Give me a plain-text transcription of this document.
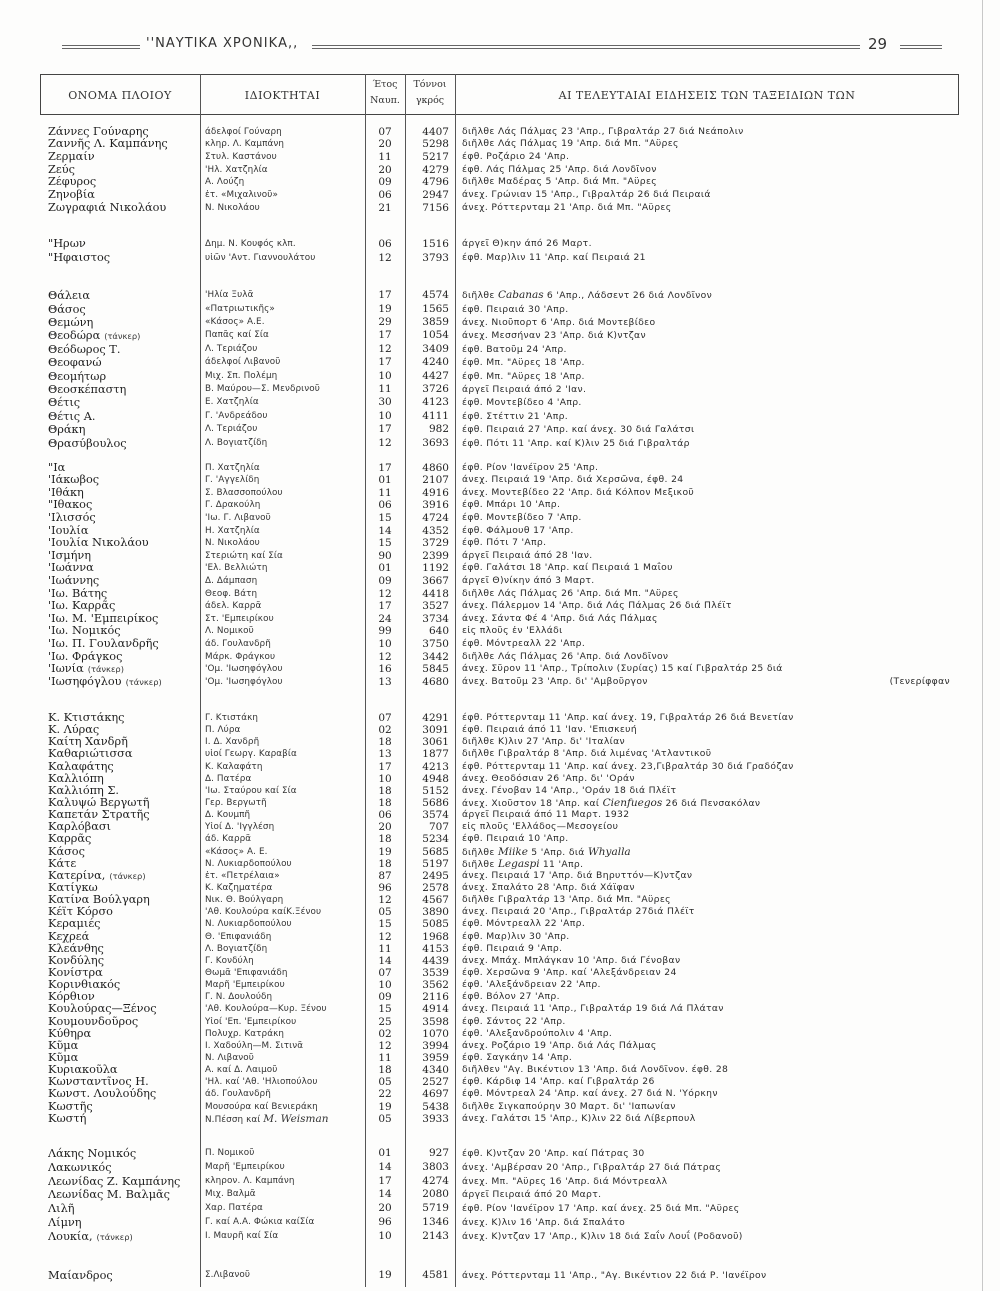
''ΝΑΥΤΙΚΑ ΧΡΟΝΙΚΑ,,	29
ΟΝΟΜΑ ΠΛΟΙΟΥ	ΙΔΙΟΚΤΗΤΑΙ
Έτος
Ναυπ.
Τόννοι
γκρός	ΑΙ ΤΕΛΕΥΤΑΙΑΙ ΕΙΔΗΣΕΙΣ ΤΩΝ ΤΑΞΕΙΔΙΩΝ ΤΩΝ
Ζάννες Γούναρης	άδελφοί Γούναρη	07	4407 διῆλθε Λάς Πάλμας 23 'Απρ., Γιβραλτάρ 27 διά Νεάπολιν
Ζαννῆς Λ. Καμπάνης	κληρ. Λ. Καμπάνη	20	5298 διῆλθε Λάς Πάλμας 19 'Απρ. διά Μπ. "Αϋρες
Ζερμαίν	Στυλ. Καστάνου	11	5217 έφθ. Ροζάριο 24 'Απρ.
Ζεύς	'Ηλ. Χατζηλία	20	4279 έφθ. Λάς Πάλμας 25 'Απρ. διά Λονδῖνον
Ζέφυρος	Α. Λούζη	09	4796 διῆλθε Μαδέρας 5 'Απρ. διά Μπ. "Αϋρες
Ζηνοβία	ἑτ. «Μιχαλινοῦ»	06	2947 άνεχ. Γρώνιαν 15 'Απρ., Γιβραλτάρ 26 διά Πειραιά
Ζωγραφιά Νικολάου	Ν. Νικολάου	21	7156 άνεχ. Ρόττερνταμ 21 'Απρ. διά Μπ. "Αϋρες
"Ηρων	Δημ. Ν. Κουφός κλπ.	06	1516 άργεῖ Θ)κην άπό 26 Μαρτ.
"Ηφαιστος	υἱῶν 'Αντ. Γιαννουλάτου	12	3793 έφθ. Μαρ)λιν 11 'Απρ. καί Πειραιά 21
Θάλεια	'Ηλία Ξυλᾶ	17	4574 διῆλθε Cabanas 6 'Απρ., Λάδσεντ 26 διά Λονδῖνον
Θάσος	«Πατριωτικῆς»	19	1565 έφθ. Πειραιά 30 'Απρ.
Θεμώνη	«Κάσος» Α.Ε.	29	3859 άνεχ. Νιοῦπορτ 6 'Απρ. διά Μοντεβίδεο
Θεοδώρα (τάνκερ)	Παπᾶς καί Σία	17	1054 άνεχ. Μεσσήναν 23 'Απρ. διά Κ)ντζαν
Θεόδωρος Τ.	Λ. Τεριάζου	12	3409 έφθ. Βατοῦμ 24 'Απρ.
Θεοφανώ	άδελφοί Λιβανοῦ	17	4240 έφθ. Μπ. "Αϋρες 18 'Απρ.
Θεομήτωρ	Μιχ. Σπ. Πολέμη	10	4427 έφθ. Μπ. "Αϋρες 18 'Απρ.
Θεοσκέπαστη	Β. Μαύρου—Σ. Μενδρινοῦ	11	3726 άργεῖ Πειραιά άπό 2 'Ιαν.
Θέτις	Ε. Χατζηλία	30	4123 έφθ. Μοντεβίδεο 4 'Απρ.
Θέτις Α.	Γ. 'Ανδρεάδου	10	4111 έφθ. Στέττιν 21 'Απρ.
Θράκη	Λ. Τεριάζου	17	982 έφθ. Πειραιά 27 'Απρ. καί άνεχ. 30 διά Γαλάτσι
Θρασύβουλος	Λ. Βογιατζίδη	12	3693 έφθ. Πότι 11 'Απρ. καί Κ)λιν 25 διά Γιβραλτάρ
"Ια	Π. Χατζηλία	17	4860 έφθ. Ρίον 'Ιανέϊρον 25 'Απρ.
'Ιάκωβος	Γ. 'Αγγελίδη	01	2107 άνεχ. Πειραιά 19 'Απρ. διά Χερσῶνα, έφθ. 24
'Ιθάκη	Σ. Βλασσοπούλου	11	4916 άνεχ. Μοντεβίδεο 22 'Απρ. διά Κόλπον Μεξικοῦ
"Ιθακος	Γ. Δρακούλη	06	3916 έφθ. Μπάρι 10 'Απρ.
'Ιλισσός	'Ιω. Γ. Λιβανοῦ	15	4724 έφθ. Μοντεβίδεο 7 'Απρ.
'Ιουλία	Η. Χατζηλία	14	4352 έφθ. Φάλμουθ 17 'Απρ.
'Ιουλία Νικολάου	Ν. Νικολάου	15	3729 έφθ. Πότι 7 'Απρ.
'Ισμήνη	Στεριώτη καί Σία	90	2399 άργεῖ Πειραιά άπό 28 'Ιαν.
'Ιωάννα	'Ελ. Βελλιώτη	01	1192 έφθ. Γαλάτσι 18 'Απρ. καί Πειραιά 1 Μαΐου
'Ιωάννης	Δ. Δάμπαση	09	3667 άργεῖ Θ)νίκην άπό 3 Μαρτ.
'Ιω. Βάτης	Θεοφ. Βάτη	12	4418 διῆλθε Λάς Πάλμας 26 'Απρ. διά Μπ. "Αϋρες
'Ιω. Καρρᾶς	άδελ. Καρρᾶ	17	3527 άνεχ. Πάλερμον 14 'Απρ. διά Λάς Πάλμας 26 διά Πλέϊτ
'Ιω. Μ. 'Εμπειρίκος	Στ. 'Εμπειρίκου	24	3734 άνεχ. Σάντα Φέ 4 'Απρ. διά Λάς Πάλμας
'Ιω. Νομικός	Λ. Νομικοῦ	99	640 εἰς πλοῦς ἐν 'Ελλάδι
'Ιω. Π. Γουλανδρῆς	άδ. Γουλανδρῆ	10	3750 έφθ. Μόντρεαλλ 22 'Απρ.
'Ιω. Φράγκος	Μάρκ. Φράγκου	12	3442 διῆλθε Λάς Πάλμας 26 'Απρ. διά Λονδῖνον
'Ιωνία (τάνκερ)	'Ομ. 'Ιωσηφόγλου	16	5845 άνεχ. Σῦρον 11 'Απρ., Τρίπολιν (Συρίας) 15 καί Γιβραλτάρ 25 διά
'Ιωσηφόγλου (τάνκερ)	'Ομ. 'Ιωσηφόγλου	13	4680 άνεχ. Βατοῦμ 23 'Απρ. δι' 'Αμβοῦργον	(Τενερίφφαν
Κ. Κτιστάκης	Γ. Κτιστάκη	07	4291 έφθ. Ρόττερνταμ 11 'Απρ. καί άνεχ. 19, Γιβραλτάρ 26 διά Βενετίαν
Κ. Λύρας	Π. Λύρα	02	3091 έφθ. Πειραιά άπό 11 'Ιαν. 'Επισκευή
Καίτη Χανδρῆ	Ι. Δ. Χανδρῆ	18	3061 διῆλθε Κ)λιν 27 'Απρ. δι' 'Ιταλίαν
Καθαριώτισσα	υἱοί Γεωργ. Καραβία	13	1877 διῆλθε Γιβραλτάρ 8 'Απρ. διά λιμένας 'Ατλαντικοῦ
Καλαφάτης	Κ. Καλαφάτη	17	4213 έφθ. Ρόττερνταμ 11 'Απρ. καί άνεχ. 23,Γιβραλτάρ 30 διά Γραδόζαν
Καλλιόπη	Δ. Πατέρα	10	4948 άνεχ. Θεοδόσιαν 26 'Απρ. δι' 'Οράν
Καλλιόπη Σ.	'Ιω. Σταύρου καί Σία	18	5152 άνεχ. Γένοβαν 14 'Απρ., 'Οράν 18 διά Πλέϊτ
Καλυψώ Βεργωτῆ	Γερ. Βεργωτῆ	18	5686 άνεχ. Χιοῦστον 18 'Απρ. καί Cienfuegos 26 διά Πενσακόλαν
Καπετάν Στρατῆς	Δ. Κουμπῆ	06	3574 άργεῖ Πειραιά άπό 11 Μαρτ. 1932
Καρλόβασι	Υἱοί Δ. 'Ιγγλέση	20	707 εἰς πλοῦς 'Ελλάδος—Μεσογείου
Καρρᾶς	άδ. Καρρᾶ	18	5234 έφθ. Πειραιά 10 'Απρ.
Κάσος	«Κάσος» Α. Ε.	19	5685 διῆλθε Miike 5 'Απρ. διά Whyalla
Κάτε	Ν. Λυκιαρδοπούλου	18	5197 διῆλθε Legaspi 11 'Απρ.
Κατερίνα, (τάνκερ)	ἑτ. «Πετρέλαια»	87	2495 άνεχ. Πειραιά 17 'Απρ. διά Βηρυττόν—Κ)ντζαν
Κατίγκω	Κ. Καζηματέρα	96	2578 άνεχ. Σπαλάτο 28 'Απρ. διά Χάϊφαν
Κατίνα Βούλγαρη	Νικ. Θ. Βούλγαρη	12	4567 διῆλθε Γιβραλτάρ 13 'Απρ. διά Μπ. "Αϋρες
Κέϊτ Κόρσο	'Αθ. Κουλούρα καίΚ.Ξένου	05	3890 άνεχ. Πειραιά 20 'Απρ., Γιβραλτάρ 27διά Πλέϊτ
Κεραμιές	Ν. Λυκιαρδοπούλου	15	5085 έφθ. Μόντρεαλλ 22 'Απρ.
Κεχρεά	Θ. 'Επιφανιάδη	12	1968 έφθ. Μαρ)λιν 30 'Απρ.
Κλεάνθης	Λ. Βογιατζίδη	11	4153 έφθ. Πειραιά 9 'Απρ.
Κονδύλης	Γ. Κονδύλη	14	4439 άνεχ. Μπάχ. Μπλάγκαν 10 'Απρ. διά Γένοβαν
Κονίστρα	Θωμᾶ 'Επιφανιάδη	07	3539 έφθ. Χερσῶνα 9 'Απρ. καί 'Αλεξάνδρειαν 24
Κορινθιακός	Μαρῆ 'Εμπειρίκου	10	3562 έφθ. 'Αλεξάνδρειαν 22 'Απρ.
Κόρθιον	Γ. Ν. Δουλούδη	09	2116 έφθ. Βόλον 27 'Απρ.
Κουλούρας—Ξένος	'Αθ. Κουλούρα—Κυρ. Ξένου	15	4914 άνεχ. Πειραιά 11 'Απρ., Γιβραλτάρ 19 διά Λά Πλάταν
Κουμουνδοῦρος	Υἱοί 'Επ. 'Εμπειρίκου	25	3598 έφθ. Σάντος 22 'Απρ.
Κύθηρα	Πολυχρ. Κατράκη	02	1070 έφθ. 'Αλεξανδρούπολιν 4 'Απρ.
Κῦμα	Ι. Χαδούλη—Μ. Σιτινᾶ	12	3994 άνεχ. Ροζάριο 19 'Απρ. διά Λάς Πάλμας
Κῦμα	Ν. Λιβανοῦ	11	3959 έφθ. Σαγκάην 14 'Απρ.
Κυριακοῦλα	Α. καί Δ. Λαιμοῦ	18	4340 διῆλθεν "Αγ. Βικέντιον 13 'Απρ. διά Λονδῖνον. έφθ. 28
Κωνσταντῖνος Η.	'Ηλ. καί 'Αθ. 'Ηλιοπούλου	05	2527 έφθ. Κάρδιφ 14 'Απρ. καί Γιβραλτάρ 26
Κωνστ. Λουλούδης	άδ. Γουλανδρῆ	22	4697 έφθ. Μόντρεαλ 24 'Απρ. καί άνεχ. 27 διά Ν. 'Υόρκην
Κωστῆς	Μουσούρα καί Βενιεράκη	19	5438 διῆλθε Σιγκαπούρην 30 Μαρτ. δι' 'Ιαπωνίαν
Κωστή	Ν.Πέσση καί M. Weisman	05	3933 άνεχ. Γαλάτσι 15 'Απρ., Κ)λιν 22 διά Λίβερπουλ
Λάκης Νομικός	Π. Νομικοῦ	01	927 έφθ. Κ)ντζαν 20 'Απρ. καί Πάτρας 30
Λακωνικός	Μαρῆ 'Εμπειρίκου	14	3803 άνεχ. 'Αμβέρσαν 20 'Απρ., Γιβραλτάρ 27 διά Πάτρας
Λεωνίδας Ζ. Καμπάνης	κληρον. Λ. Καμπάνη	17	4274 άνεχ. Μπ. "Αϋρες 16 'Απρ. διά Μόντρεαλλ
Λεωνίδας Μ. Βαλμᾶς	Μιχ. Βαλμᾶ	14	2080 άργεῖ Πειραιά άπό 20 Μαρτ.
Λιλῆ	Χαρ. Πατέρα	20	5719 έφθ. Ρίον 'Ιανέϊρον 17 'Απρ. καί άνεχ. 25 διά Μπ. "Αϋρες
Λίμνη	Γ. καί Α.Α. Φώκια καίΣία	96	1346 άνεχ. Κ)λιν 16 'Απρ. διά Σπαλάτο
Λουκία, (τάνκερ)	Ι. Μαυρῆ καί Σία	10	2143 άνεχ. Κ)ντζαν 17 'Απρ., Κ)λιν 18 διά Σαΐν Λουΐ (Ροδανοῦ)
Μαίανδρος	Σ.Λιβανοῦ	19	4581 άνεχ. Ρόττερνταμ 11 'Απρ., "Αγ. Βικέντιον 22 διά Ρ. 'Ιανέϊρον
